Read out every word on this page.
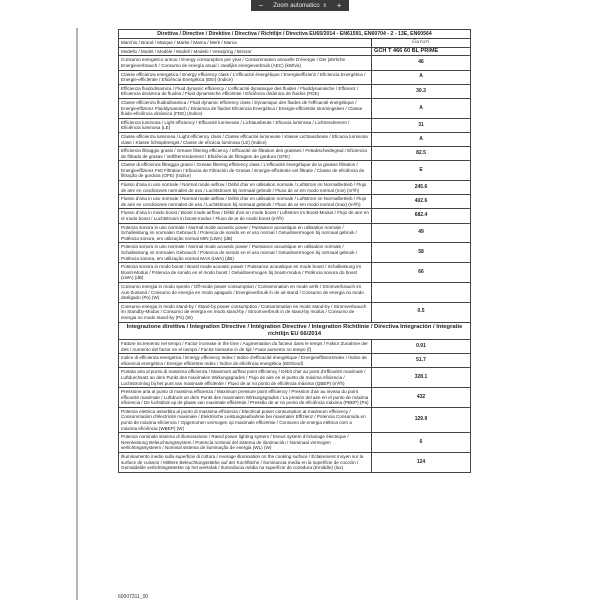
− Zoom automatico ⇕ +
Direttiva / Directive / Direktive / Directiva / Richtlijn / Directiva EU65/2014 - EN61591, EN60704 - 2 - 13E, EN60564	
Marchio / Brand / Marque / Marke / Marca / Merk / Marca	Gurari
Modello / Model / Modèle / Modell / Modelo / Verwijzing / Brinzar	GCH T 466 60 BL PRIME
Consumo energetico annuo / Energy consumption per year / Consommation annuelle D'énergie / Der jährliche Energieverbrauch / Consumo de energía anual / Jaarlijks energieverbruik (AEC) (kWh/a)	46
Classe efficienza energetica / Energy efficiency class / L'efficacité énergétique / Energieeffizienz / Eficiencia Energética / Energie-efficiëntie / Eficiência Energética (EEI) (Indice)	A
Efficienza fluidodinamica / Fluid dynamic efficiency / L'efficacité dynamique des fluides / Fluiddynamische / Efficienz / Eficiencia dinámica de fluidos / Fluid dynamische efficiëntie / Eficiência dinâmica de fluidos (FDE)	30.3
Classe efficienza fluidodinamica / Fluid dynamic efficiency class / Dynamique des fluides de l'efficacité énergétique / Energieeffizienz Fluiddynamisch / Dinámica de fluidos Eficiencia Energética / Energie-efficiëntie stromingsleer / Classe fluido-eficiência dinâmica (FDE) (Indice)	A
Efficienza luminosa / Light efficiency / Efficacité lumineuse / Lichtausbeute / Eficacia luminosa / Lichtrendement / Eficiência luminosa (LE)	31
Classe efficienza luminosa / Light efficiency class / Classe efficacité lumineuse / Klasse Lichtausbeute / Eficacia luminosa clase / Klasse lichtopbrengst / Classe de eficácia luminosa (LE) (Indice)	A
Efficienza filtraggio grassi / Grease filtering efficiency / Efficacité de filtration des graisses / Fettabscheidegrad / Eficiencia de filtrado de grasas / Vetfilterrendement / Eficiência de filtragem de gordura (GFE)	82.5
Classe di efficienza filtraggio grassi / Grease filtering efficiency class / L'efficacité énergétique de la graisse filtration / Energieeffizienz Fett Filtration / Eficacia de Filtración de Grasas / Energie-efficiëntie vet filtratie / Classe de eficiência de filtração de gordura (GFE) (Indice)	E
Flusso d'aria in uso normale / Normal mode airflow / Débit d'air en utilisation normale / Luftstrom im Normalbetrieb / Flujo de aire en condiciones normales de uso / Luchtstroom bij normaal gebruik / Fluxo de ar em modo normal (min) (m³/h)	245.6
Flusso d'aria in uso normale / Normal mode airflow / Débit d'air en utilisation normale / Luftstrom im Normalbetrieb / Flujo de aire en condiciones normales de uso / Luchtstroom bij normaal gebruik / Fluxo de ar em modo normal (max) (m³/h)	402.6
Flusso d'aria in modo boost / Boost mode airflow / Débit d'air en mode boost / Luftstrom im Boost-Modus / Flujo de aire en el modo boost / Luchtstroom in boost-modus / Fluxo de ar de modo boost (m³/h)	682.4
Potenza sonora in uso normale / Normal mode acoustic power / Puissance acoustique en utilisation normale / Schalleistung im normalen Gebrauch / Potencia de sonido en el uso normal / Geluidsvermogen bij normaal gebruik / Potência sonora, em utilização normal MIN (LWA) (dB)	49
Potenza sonora in uso normale / Normal mode acoustic power / Puissance acoustique en utilisation normale / Schalleistung im normalen Gebrauch / Potencia de sonido en el uso normal / Geluidsvermogen bij normaal gebruik / Potência sonora, em utilização normal MAX (LWA) (dB)	58
Potenza sonora in modo boost / Boost mode acoustic power / Puissance acoustique en mode boost / Schalleistung im Boost-Modus / Potencia de sonido en el modo boost / Geluidsvermogen bij boost-modus / Potência sonora do boost (LWA) (dB)	66
Consumo energia in modo spento / Off-mode power consumption / Consommation en mode arrêt / Stromverbrauch im Aus-Zustand / Consumo de energía en modo apagado / Energieverbruik in de uit-stand / Consumo de energia no modo desligado (Po) (W)	
Consumo energia in modo stand-by / Stand-by power consumption / Consommation en mode stand-by / Stromverbrauch im Standby-Modus / Consumo de energía en modo stand-by / Stroomverbruik in de stand-by modus / Consumo de energia no modo stand-by (Ps) (W)	0.5
Integrazione direttiva / Integration Directive / Intégration Directive / Integration Richtlinie / Directiva Integración / Integratie richtlijn EU 66/2014	
Fattore incremento nel tempo / Factor increase in the time / Augmentation du facteur dans le temps / Faktor Zunahme der Zeit / Aumento del factor en el tiempo / Factor toename in de tijd / Fator aumento no tempo (f)	0.91
Indice di efficienza energetica / Energy efficiency Index / Indice d'efficacité énergétique / Energieeffizienzindex / Índice de eficiencia energética / Energie efficiëntie Index / Índice de eficiência energética (EEIhood)	51.7
Portata aria al punto di massima efficienza / Maximum airflow point efficiency / Débit d'air au point d'efficacité maximale / Luftdurchsatz an dem Punkt des maximalen Wirkungsgrades / Flujo de aire en el punto de máxima eficiencia / Luchtstroming bij het punt van maximale efficiëntie / Fluxo de ar no ponto de eficiência máxima (QBEP) (m³/h)	328.1
Pressione aria al punto di massima efficienza / Maximum pressure point efficiency / Pression d'air au niveau du point efficacité maximale / Luftdruck an dem Punkt des maximalen Wirkungsgrades / La presión del aire en el punto de máxima eficiencia / De luchtdruk op de plaats van maximale efficiëntie / Pressão de ar no ponto de eficiência máxima (PBEP) (Pa)	432
Potenza elettrica assorbita al punto di massima efficienza / Electrical power consumption at maximum efficiency / Consommation d'électricité maximale / Elektrische Leistungsaufnahme bei maximaler Effizienz / Potencia Consumida en punto de máxima eficiencia / Opgenomen vermogen op maximale efficiëntie / Consumo de energia elétrica com a máxima eficiência (WBEP) (W)	129.9
Potenza nominale sistema di illuminazione / Rated power lighting system / Eveus system d'éclairage électrique / Nennleistung Beleuchtungssystem / Potencia nominal del sistema de iluminación / Nominaal vermogen verlichtingssysteem / Nominal sistema de iluminação de energia (WL) (W)	6
Illuminamento medio sulla superficie di cottura / Average illumination on the cooking surface / Éclairement moyen sur la surface de cuisson / Mittlere Beleuchtungsstärke auf der Kochfläche / Iluminancia media en la superficie de cocción / Gemiddelde verlichtingssterkte op het werkvlak / Iluminância média na superfície de cozedura (Emiddle) (lux)	124
60007311_00
